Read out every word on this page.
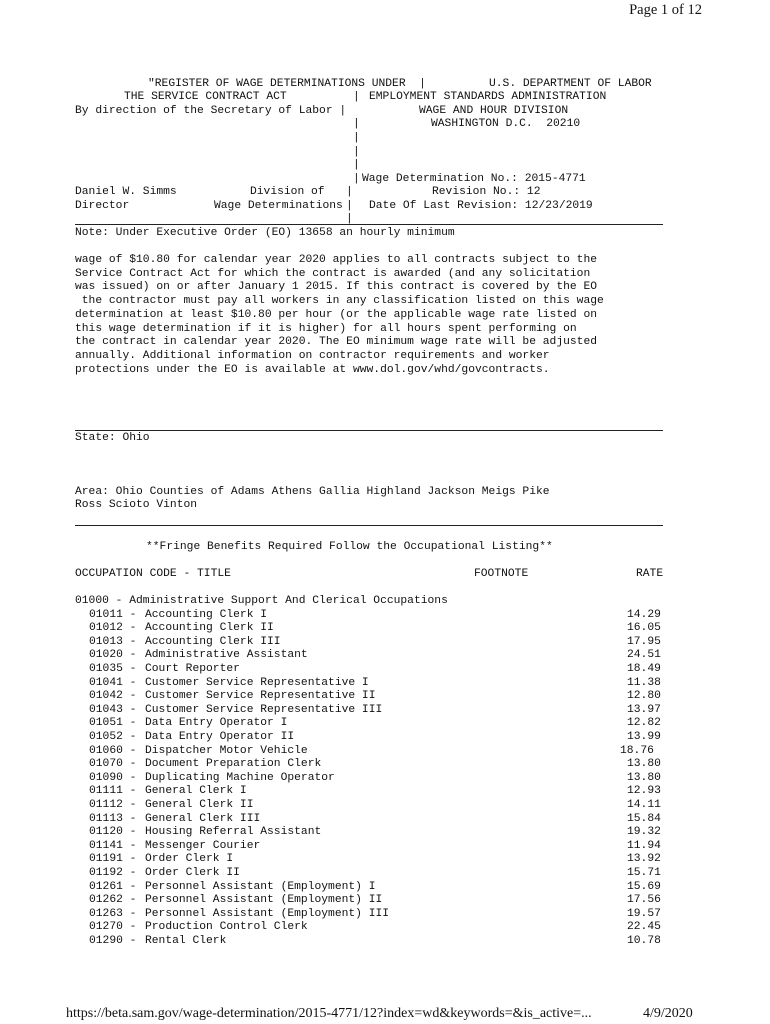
Page 1 of 12
"REGISTER OF WAGE DETERMINATIONS UNDER  |	U.S. DEPARTMENT OF LABOR
THE SERVICE CONTRACT ACT	| EMPLOYMENT STANDARDS ADMINISTRATION
By direction of the Secretary of Labor |	WAGE AND HOUR DIVISION
|	WASHINGTON D.C.  20210
|
|
|
| Wage Determination No.: 2015-4771
Daniel W. Simms	Division of |	Revision No.: 12
Director	Wage Determinations | Date Of Last Revision: 12/23/2019
|
Note: Under Executive Order (EO) 13658 an hourly minimum

wage of $10.80 for calendar year 2020 applies to all contracts subject to the
Service Contract Act for which the contract is awarded (and any solicitation
was issued) on or after January 1 2015. If this contract is covered by the EO
the contractor must pay all workers in any classification listed on this wage
determination at least $10.80 per hour (or the applicable wage rate listed on
this wage determination if it is higher) for all hours spent performing on
the contract in calendar year 2020. The EO minimum wage rate will be adjusted
annually. Additional information on contractor requirements and worker
protections under the EO is available at www.dol.gov/whd/govcontracts.

State: Ohio
Area: Ohio Counties of Adams Athens Gallia Highland Jackson Meigs Pike
Ross Scioto Vinton
**Fringe Benefits Required Follow the Occupational Listing**
OCCUPATION CODE - TITLE	FOOTNOTE	RATE
01000 - Administrative Support And Clerical Occupations
01011 - Accounting Clerk I	14.29
01012 - Accounting Clerk II	16.05
01013 - Accounting Clerk III	17.95
01020 - Administrative Assistant	24.51
01035 - Court Reporter	18.49
01041 - Customer Service Representative I	11.38
01042 - Customer Service Representative II	12.80
01043 - Customer Service Representative III	13.97
01051 - Data Entry Operator I	12.82
01052 - Data Entry Operator II	13.99
01060 - Dispatcher Motor Vehicle	18.76
01070 - Document Preparation Clerk	13.80
01090 - Duplicating Machine Operator	13.80
01111 - General Clerk I	12.93
01112 - General Clerk II	14.11
01113 - General Clerk III	15.84
01120 - Housing Referral Assistant	19.32
01141 - Messenger Courier	11.94
01191 - Order Clerk I	13.92
01192 - Order Clerk II	15.71
01261 - Personnel Assistant (Employment) I	15.69
01262 - Personnel Assistant (Employment) II	17.56
01263 - Personnel Assistant (Employment) III	19.57
01270 - Production Control Clerk	22.45
01290 - Rental Clerk	10.78
https://beta.sam.gov/wage-determination/2015-4771/12?index=wd&keywords=&is_active=...	4/9/2020
